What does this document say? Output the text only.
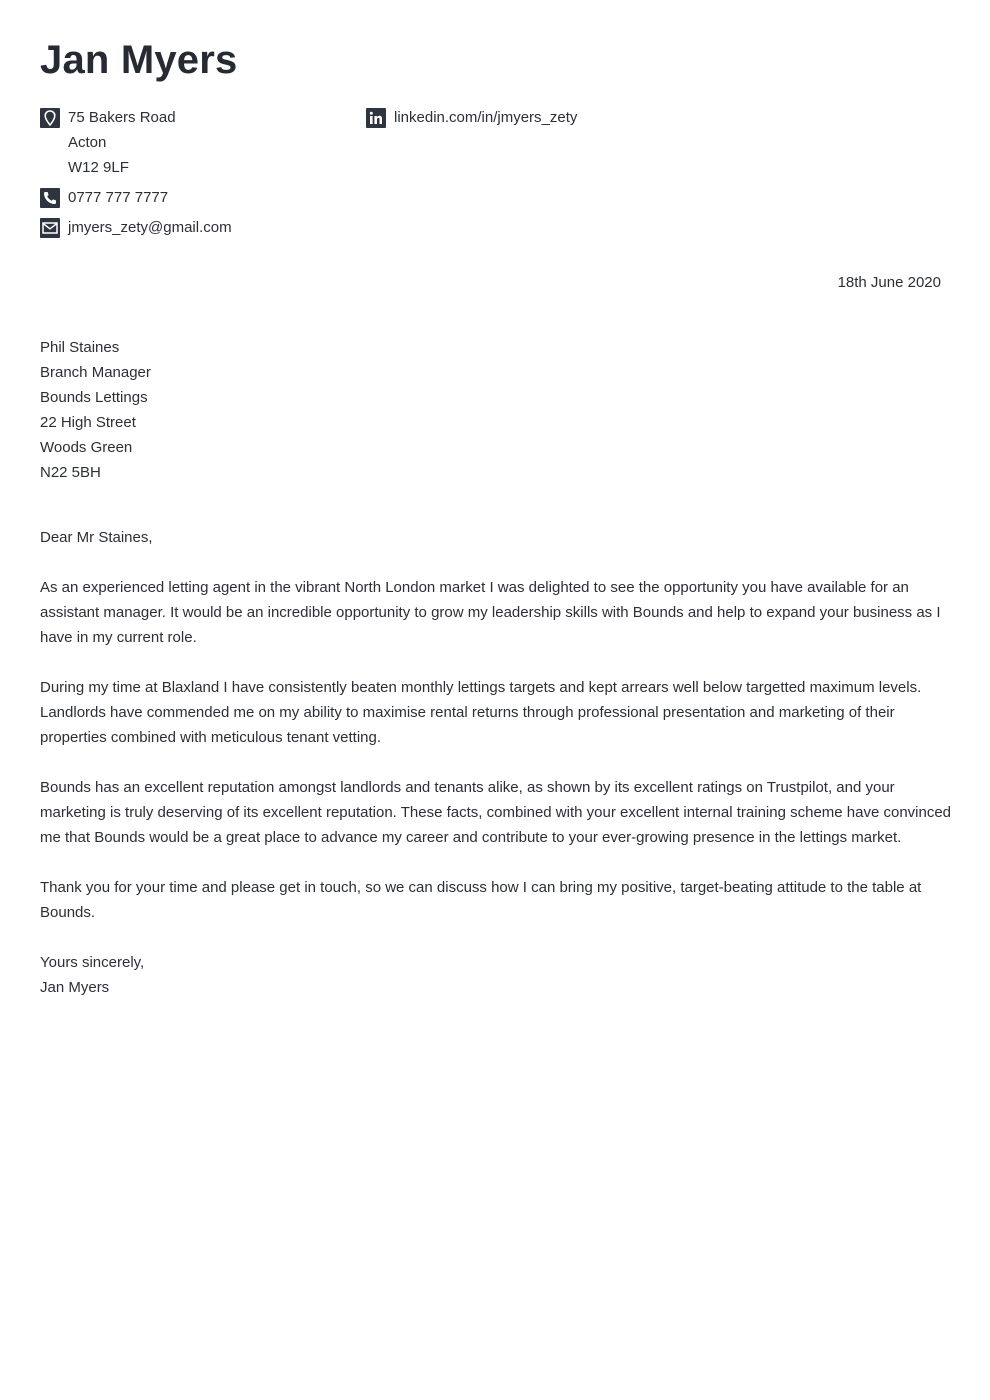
Jan Myers
75 Bakers Road
Acton
W12 9LF
0777 777 7777
jmyers_zety@gmail.com
linkedin.com/in/jmyers_zety
18th June 2020
Phil Staines
Branch Manager
Bounds Lettings
22 High Street
Woods Green
N22 5BH

Dear Mr Staines,

As an experienced letting agent in the vibrant North London market I was delighted to see the opportunity you have available for an assistant manager. It would be an incredible opportunity to grow my leadership skills with Bounds and help to expand your business as I have in my current role.

During my time at Blaxland I have consistently beaten monthly lettings targets and kept arrears well below targetted maximum levels. Landlords have commended me on my ability to maximise rental returns through professional presentation and marketing of their properties combined with meticulous tenant vetting.

Bounds has an excellent reputation amongst landlords and tenants alike, as shown by its excellent ratings on Trustpilot, and your marketing is truly deserving of its excellent reputation. These facts, combined with your excellent internal training scheme have convinced me that Bounds would be a great place to advance my career and contribute to your ever-growing presence in the lettings market.

Thank you for your time and please get in touch, so we can discuss how I can bring my positive, target-beating attitude to the table at Bounds.

Yours sincerely,
Jan Myers
